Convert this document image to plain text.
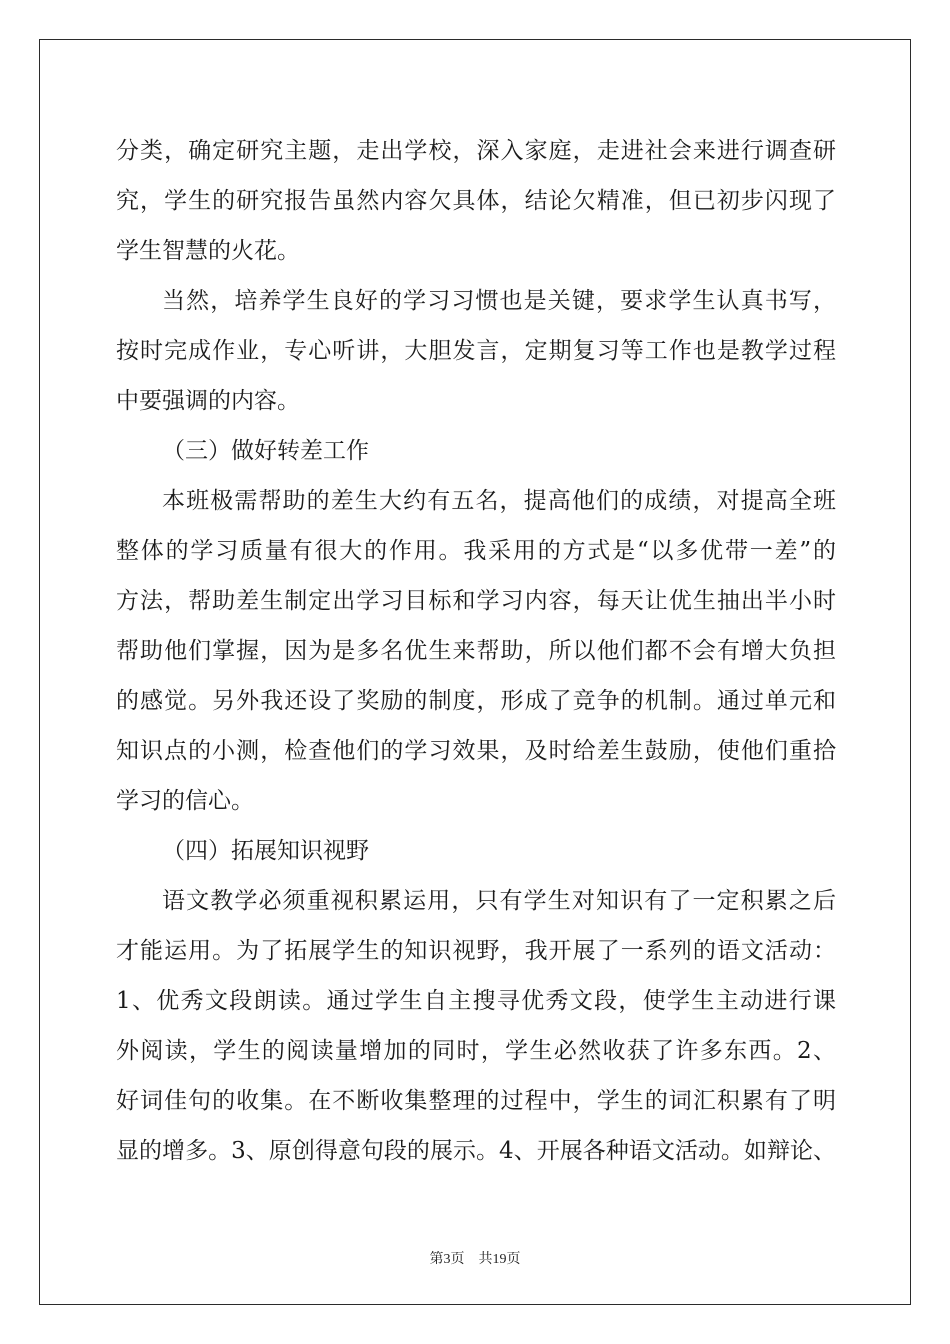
分类，确定研究主题，走出学校，深入家庭，走进社会来进行调查研
究，学生的研究报告虽然内容欠具体，结论欠精准，但已初步闪现了
学生智慧的火花。
当然，培养学生良好的学习习惯也是关键，要求学生认真书写，
按时完成作业，专心听讲，大胆发言，定期复习等工作也是教学过程
中要强调的内容。
（三）做好转差工作
本班极需帮助的差生大约有五名，提高他们的成绩，对提高全班
整体的学习质量有很大的作用。我采用的方式是“以多优带一差”的
方法，帮助差生制定出学习目标和学习内容，每天让优生抽出半小时
帮助他们掌握，因为是多名优生来帮助，所以他们都不会有增大负担
的感觉。另外我还设了奖励的制度，形成了竞争的机制。通过单元和
知识点的小测，检查他们的学习效果，及时给差生鼓励，使他们重拾
学习的信心。
（四）拓展知识视野
语文教学必须重视积累运用，只有学生对知识有了一定积累之后
才能运用。为了拓展学生的知识视野，我开展了一系列的语文活动：
1、优秀文段朗读。通过学生自主搜寻优秀文段，使学生主动进行课
外阅读，学生的阅读量增加的同时，学生必然收获了许多东西。2、
好词佳句的收集。在不断收集整理的过程中，学生的词汇积累有了明
显的增多。3、原创得意句段的展示。4、开展各种语文活动。如辩论、
第3页 共19页
